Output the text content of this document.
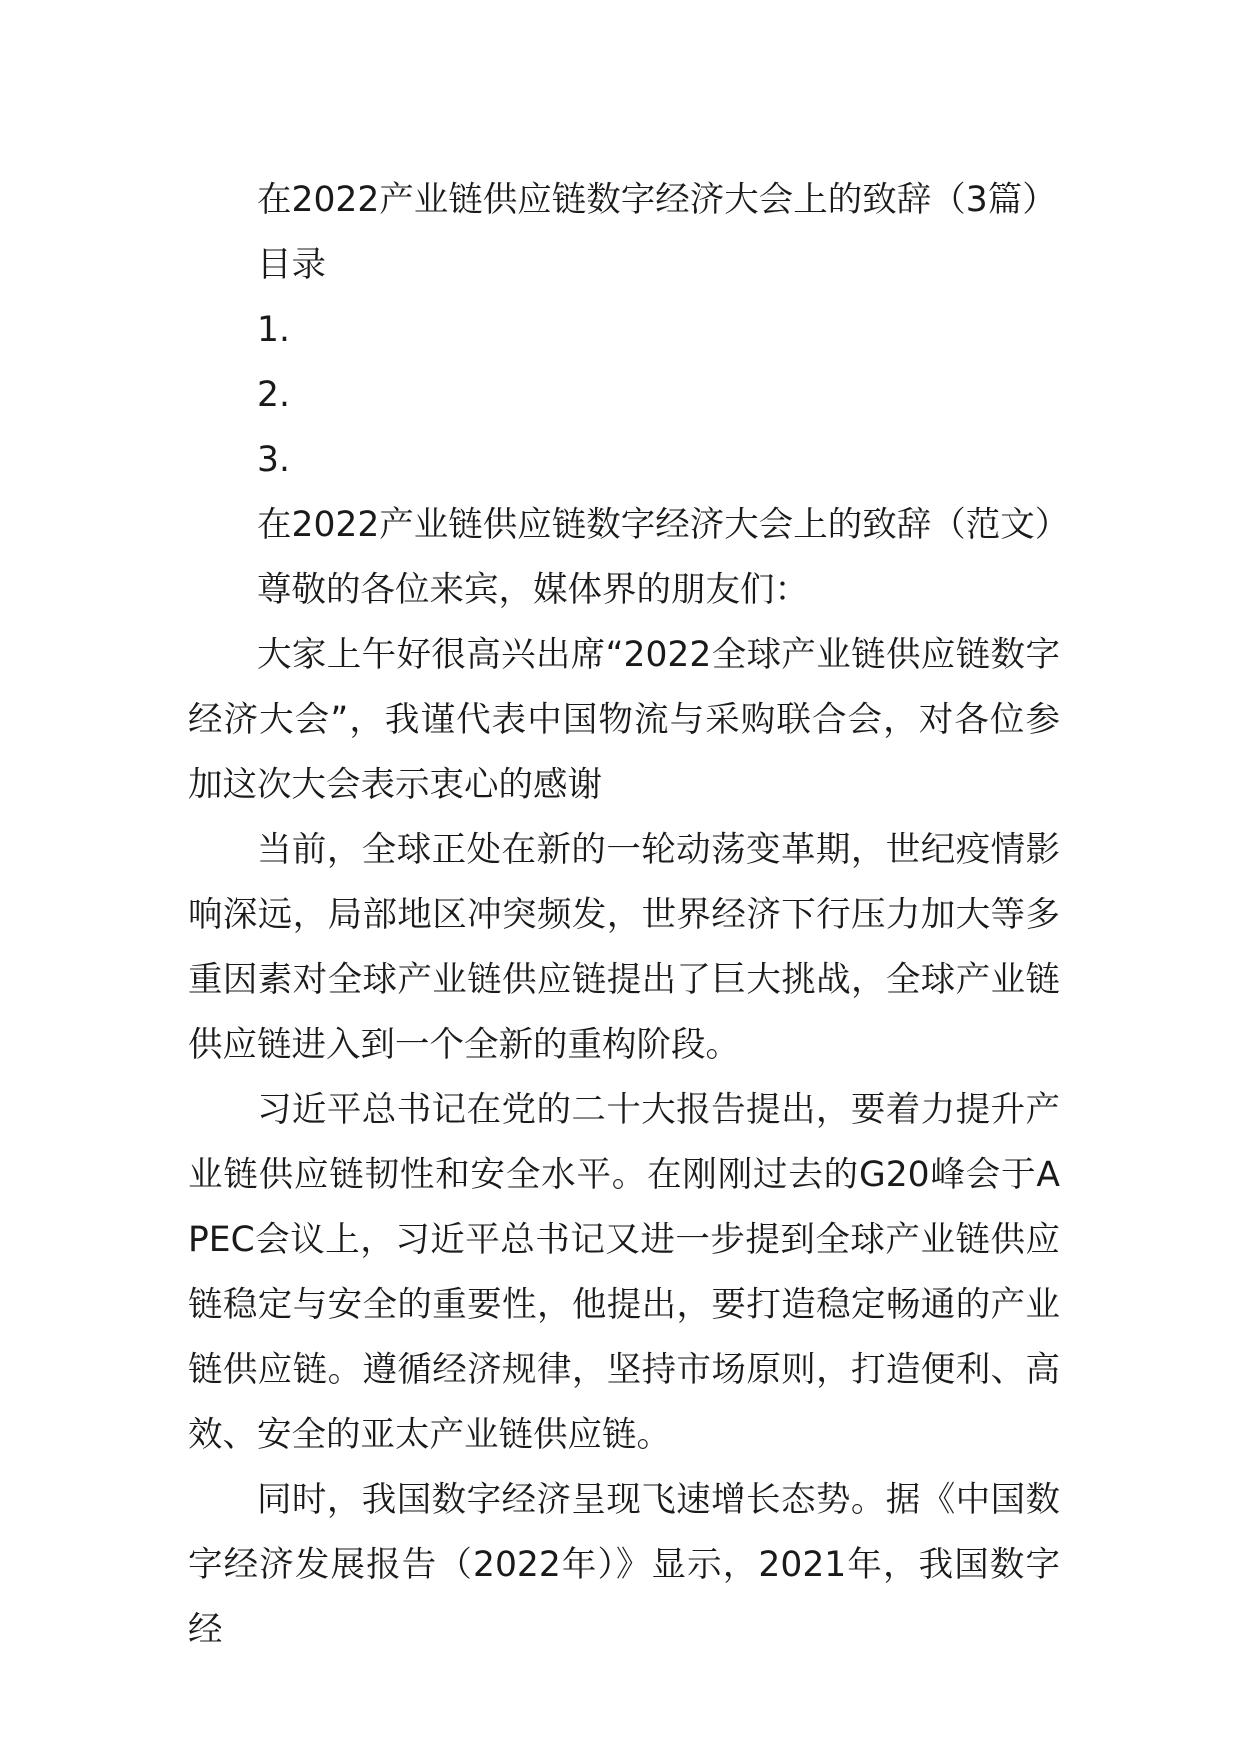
在2022产业链供应链数字经济大会上的致辞（3篇）

目录

1.

2.

3.

在2022产业链供应链数字经济大会上的致辞（范文）

尊敬的各位来宾，媒体界的朋友们：

大家上午好很高兴出席“2022全球产业链供应链数字经济大会”，我谨代表中国物流与采购联合会，对各位参加这次大会表示衷心的感谢

当前，全球正处在新的一轮动荡变革期，世纪疫情影响深远，局部地区冲突频发，世界经济下行压力加大等多重因素对全球产业链供应链提出了巨大挑战，全球产业链供应链进入到一个全新的重构阶段。

习近平总书记在党的二十大报告提出，要着力提升产业链供应链韧性和安全水平。在刚刚过去的G20峰会于APEC会议上，习近平总书记又进一步提到全球产业链供应链稳定与安全的重要性，他提出，要打造稳定畅通的产业链供应链。遵循经济规律，坚持市场原则，打造便利、高效、安全的亚太产业链供应链。

同时，我国数字经济呈现飞速增长态势。据《中国数字经济发展报告（2022年）》显示，2021年，我国数字经
